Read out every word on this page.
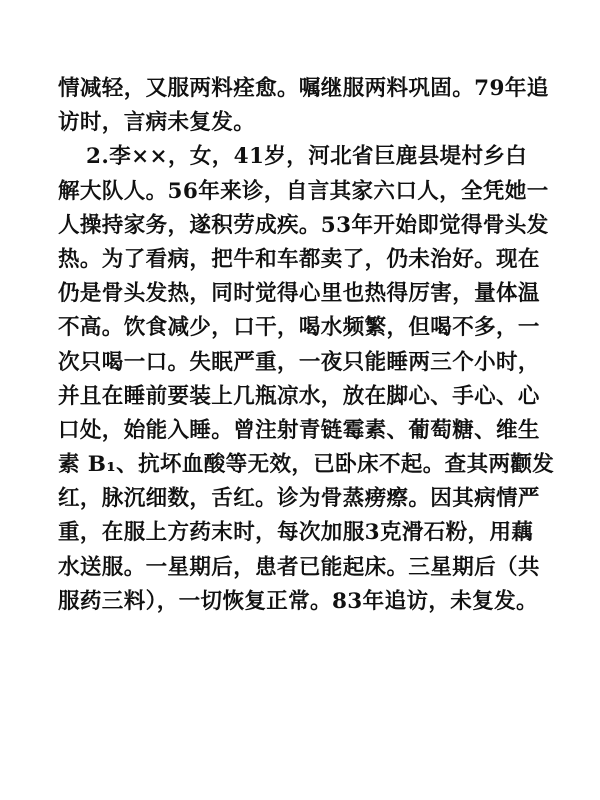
情减轻，又服两料痊愈。嘱继服两料巩固。79年追
访时，言病未复发。
2.李××，女，41岁，河北省巨鹿县堤村乡白
解大队人。56年来诊，自言其家六口人，全凭她一
人操持家务，遂积劳成疾。53年开始即觉得骨头发
热。为了看病，把牛和车都卖了，仍未治好。现在
仍是骨头发热，同时觉得心里也热得厉害，量体温
不高。饮食减少，口干，喝水频繁，但喝不多，一
次只喝一口。失眠严重，一夜只能睡两三个小时，
并且在睡前要装上几瓶凉水，放在脚心、手心、心
口处，始能入睡。曾注射青链霉素、葡萄糖、维生
素 B₁、抗坏血酸等无效，已卧床不起。查其两颧发
红，脉沉细数，舌红。诊为骨蒸痨瘵。因其病情严
重，在服上方药末时，每次加服3克滑石粉，用藕
水送服。一星期后，患者已能起床。三星期后（共
服药三料），一切恢复正常。83年追访，未复发。
